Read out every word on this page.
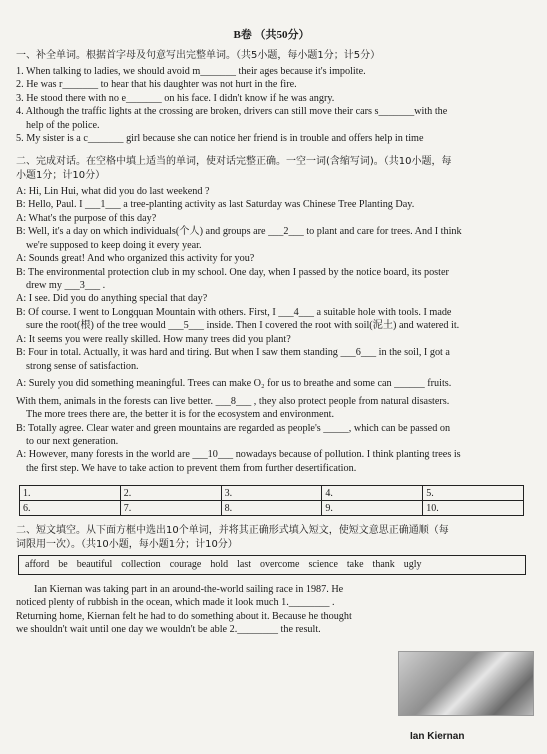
B卷 （共50分）
一、补全单词。根据首字母及句意写出完整单词。（共5小题，每小题1分；计5分）
1. When talking to ladies, we should avoid m_______ their ages because it's impolite.
2. He was r_______ to hear that his daughter was not hurt in the fire.
3. He stood there with no e_______ on his face. I didn't know if he was angry.
4. Although the traffic lights at the crossing are broken, drivers can still move their cars s_______with the
help of the police.
5. My sister is a c_______ girl because she can notice her friend is in trouble and offers help in time
二、完成对话。在空格中填上适当的单词，使对话完整正确。一空一词(含缩写词)。（共10小题，每
小题1分；计10分）
A: Hi, Lin Hui, what did you do last weekend ?
B: Hello, Paul. I ___1___ a tree-planting activity as last Saturday was Chinese Tree Planting Day.
A: What's the purpose of this day?
B: Well, it's a day on which individuals(个人) and groups are ___2___ to plant and care for trees. And I think
we're supposed to keep doing it every year.
A: Sounds great! And who organized this activity for you?
B: The environmental protection club in my school. One day, when I passed by the notice board, its poster
drew my ___3___ .
A: I see. Did you do anything special that day?
B: Of course. I went to Longquan Mountain with others. First, I ___4___ a suitable hole with tools. I made
sure the root(根) of the tree would ___5___ inside. Then I covered the root with soil(泥土) and watered it.
A: It seems you were really skilled. How many trees did you plant?
B: Four in total. Actually, it was hard and tiring. But when I saw them standing ___6___ in the soil, I got a
strong sense of satisfaction.
A: Surely you did something meaningful. Trees can make O₂ for us to breathe and some can ______ fruits.
With them, animals in the forests can live better. ___8___ , they also protect people from natural disasters.
The more trees there are, the better it is for the ecosystem and environment.
B: Totally agree. Clear water and green mountains are regarded as people's _____, which can be passed on
to our next generation.
A: However, many forests in the world are ___10___ nowadays because of pollution. I think planting trees is
the first step. We have to take action to prevent them from further desertification.
1.	2.	3.	4.	5.
6.	7.	8.	9.	10.
二、短文填空。从下面方框中选出10个单词，并将其正确形式填入短文，使短文意思正确通顺（每
词限用一次）。（共10小题，每小题1分；计10分）
afford be beautiful collection courage hold last overcome science take thank ugly
Ian Kiernan was taking part in an around-the-world sailing race in 1987. He
noticed plenty of rubbish in the ocean, which made it look much 1.________ .
Returning home, Kiernan felt he had to do something about it. Because he thought
we shouldn't wait until one day we wouldn't be able 2.________ the result.
Ian Kiernan
